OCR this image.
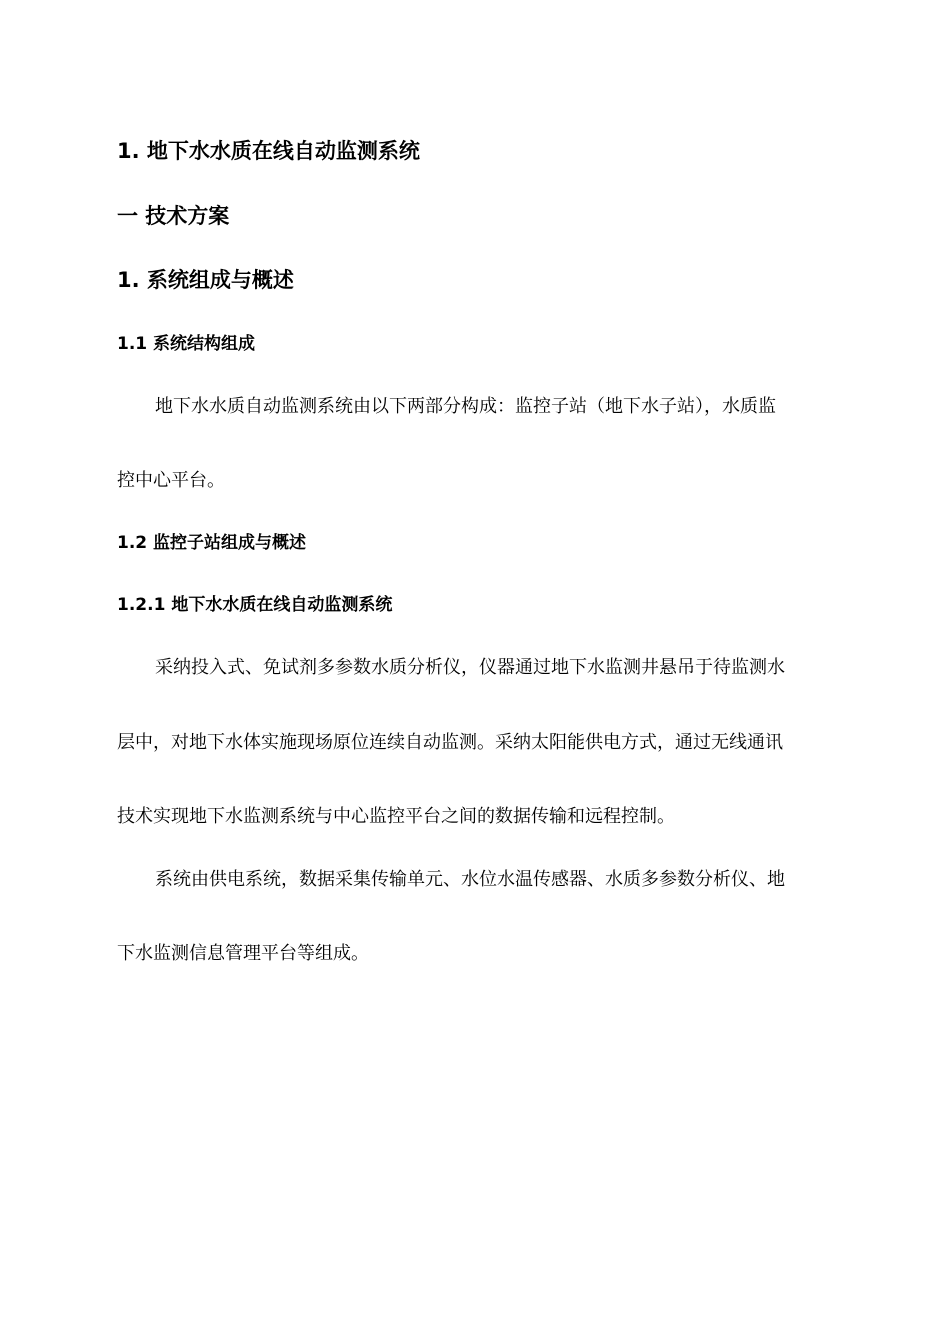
1. 地下水水质在线自动监测系统
一 技术方案
1. 系统组成与概述
1.1 系统结构组成

地下水水质自动监测系统由以下两部分构成：监控子站（地下水子站），水质监

控中心平台。

1.2 监控子站组成与概述
1.2.1 地下水水质在线自动监测系统

采纳投入式、免试剂多参数水质分析仪，仪器通过地下水监测井悬吊于待监测水

层中，对地下水体实施现场原位连续自动监测。采纳太阳能供电方式，通过无线通讯

技术实现地下水监测系统与中心监控平台之间的数据传输和远程控制。

系统由供电系统，数据采集传输单元、水位水温传感器、水质多参数分析仪、地

下水监测信息管理平台等组成。
